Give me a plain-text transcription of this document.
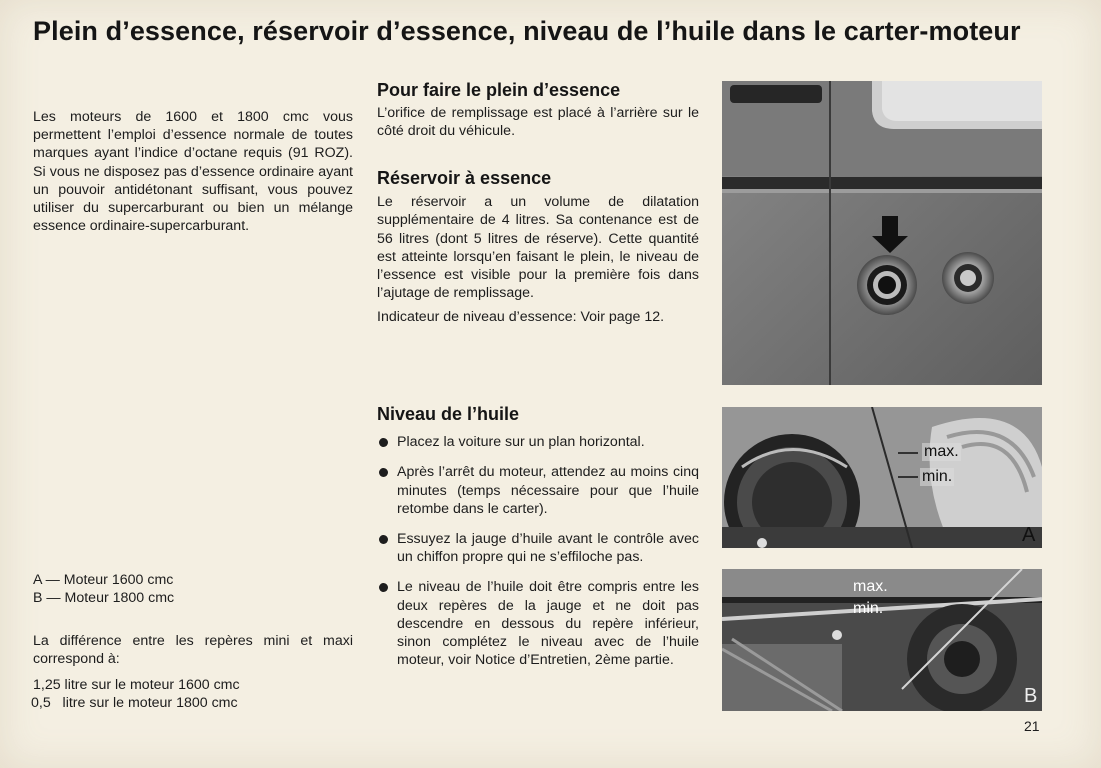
Plein d’essence, réservoir d’essence, niveau de l’huile dans le carter-moteur
Les moteurs de 1600 et 1800 cmc vous permettent l’emploi d’essence normale de toutes marques ayant l’indice d’octane requis (91 ROZ). Si vous ne disposez pas d’essence ordinaire ayant un pouvoir antidétonant suffisant, vous pouvez utiliser du supercarburant ou bien un mélange essence ordinaire-supercarburant.
A — Moteur 1600 cmc
B — Moteur 1800 cmc
La différence entre les repères mini et maxi correspond à:
1,25 litre sur le moteur 1600 cmc
0,5   litre sur le moteur 1800 cmc
Pour faire le plein d’essence

L’orifice de remplissage est placé à l’arrière sur le côté droit du véhicule.

Réservoir à essence

Le réservoir a un volume de dilatation supplémentaire de 4 litres. Sa contenance est de 56 litres (dont 5 litres de réserve). Cette quantité est atteinte lorsqu’en faisant le plein, le niveau de l’essence est visible pour la première fois dans l’ajutage de remplissage.

Indicateur de niveau d’essence: Voir page 12.

Niveau de l’huile
Placez la voiture sur un plan horizontal.
Après l’arrêt du moteur, attendez au moins cinq minutes (temps nécessaire pour que l’huile retombe dans le carter).
Essuyez la jauge d’huile avant le contrôle avec un chiffon propre qui ne s’effiloche pas.
Le niveau de l’huile doit être compris entre les deux repères de la jauge et ne doit pas descendre en dessous du repère inférieur, sinon complétez le niveau avec de l’huile moteur, voir Notice d’Entretien, 2ème partie.
max.
min.
A
max.
min.
B
21
